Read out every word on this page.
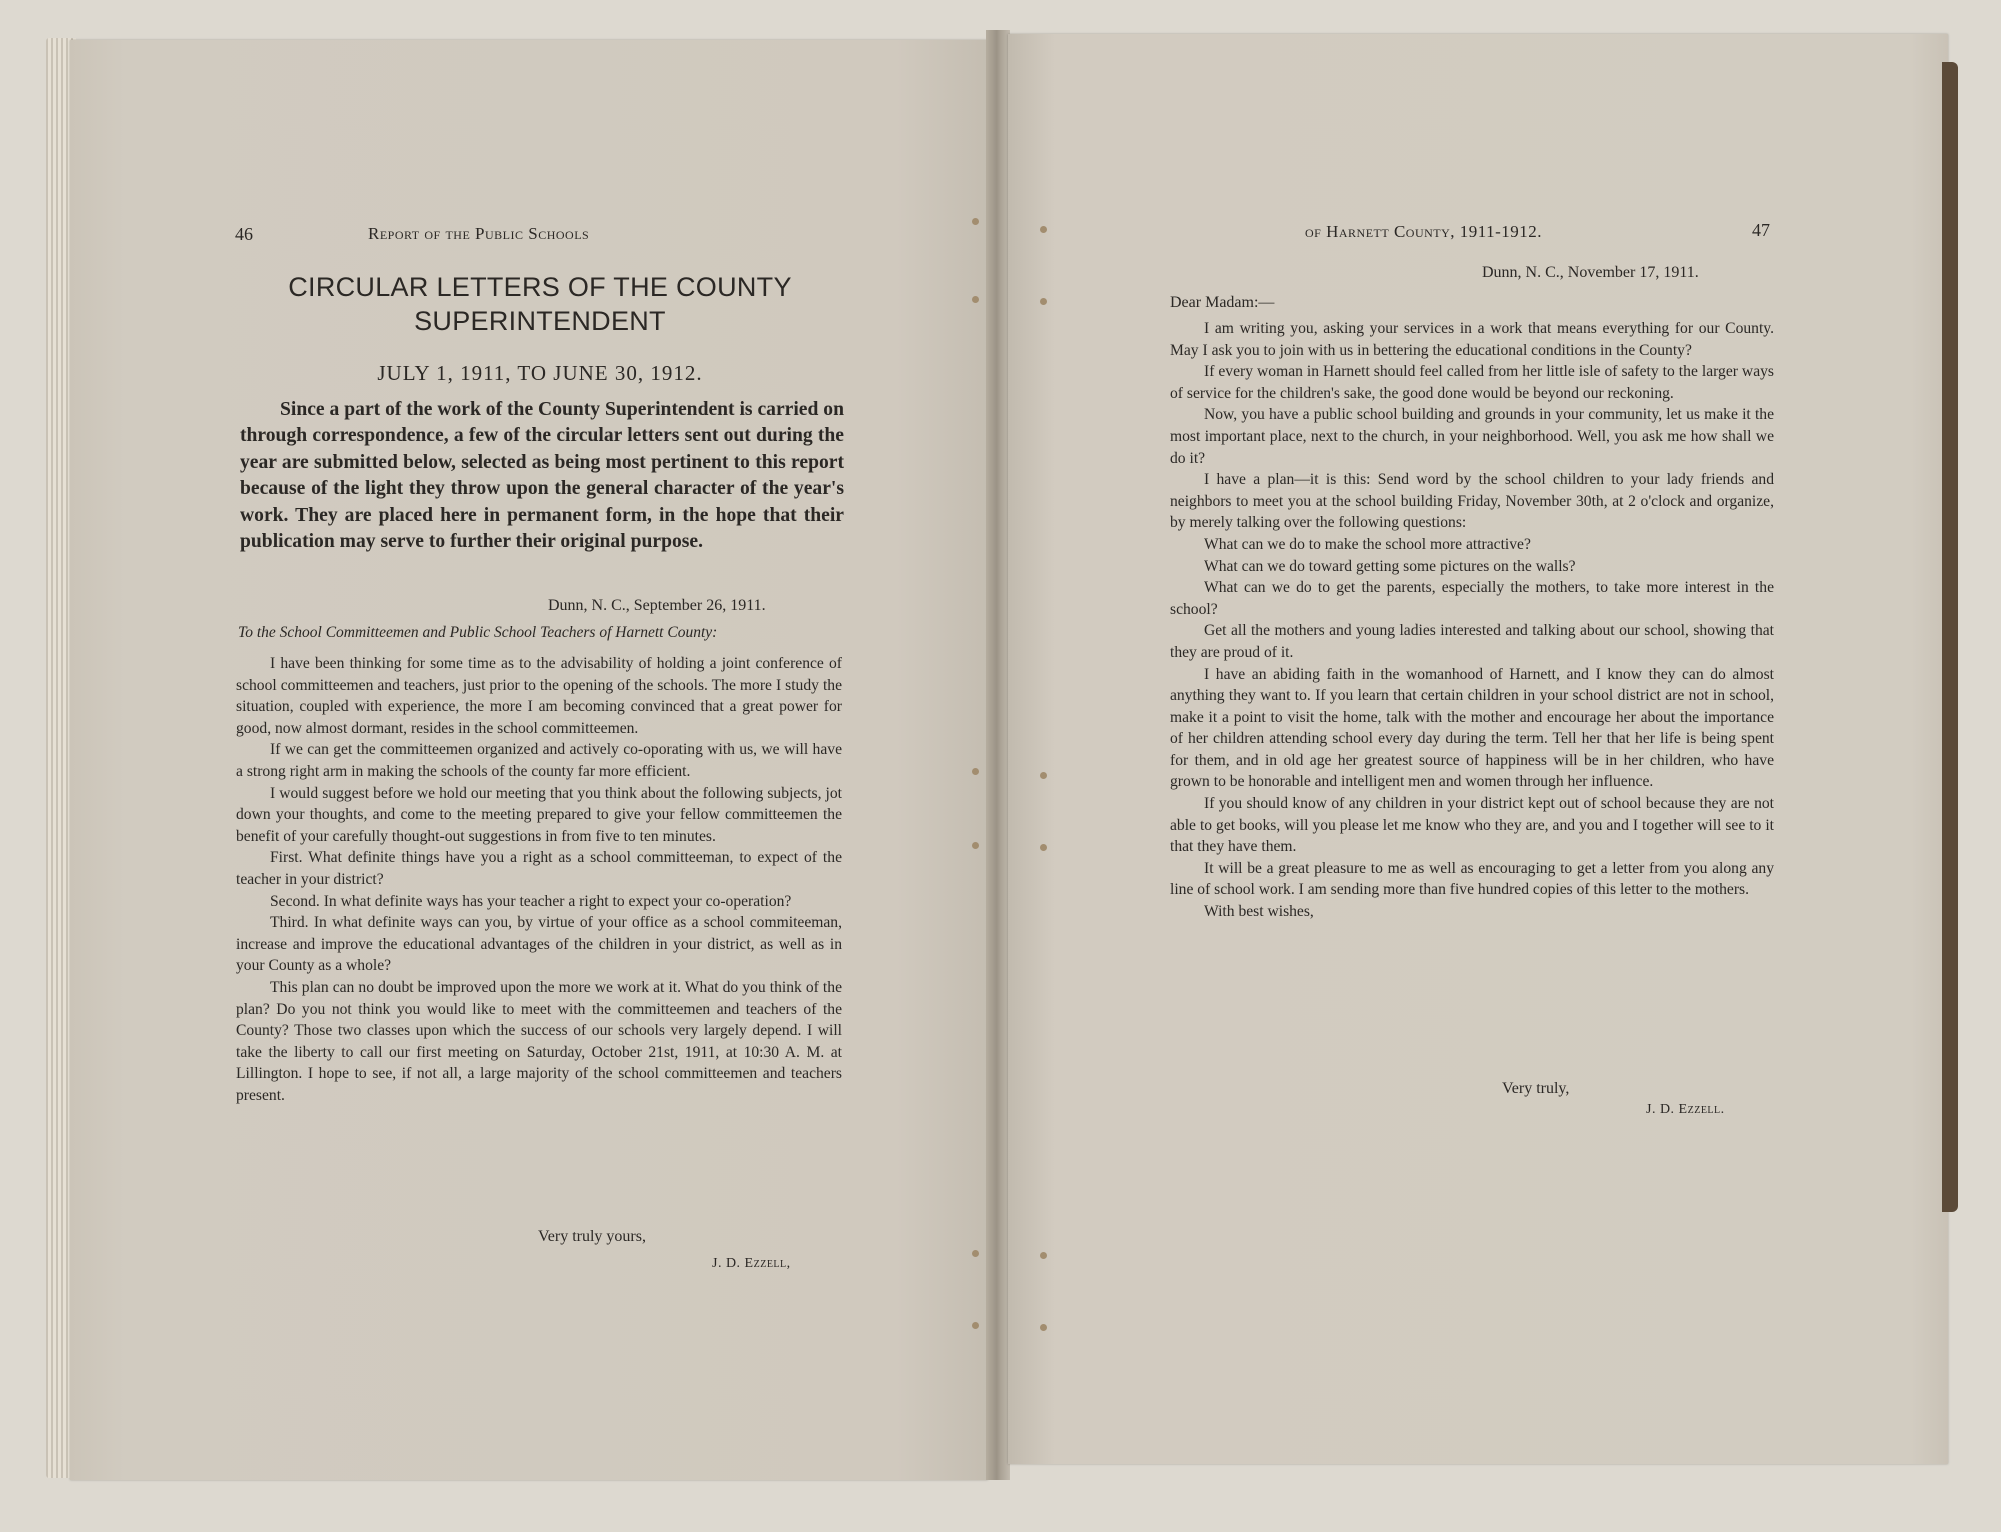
46	Report of the Public Schools
CIRCULAR LETTERS OF THE COUNTY
SUPERINTENDENT
JULY 1, 1911, TO JUNE 30, 1912.
Since a part of the work of the County Superintendent is carried on through correspondence, a few of the circular letters sent out during the year are submitted below, selected as being most pertinent to this report because of the light they throw upon the general character of the year's work. They are placed here in permanent form, in the hope that their publication may serve to further their original purpose.
Dunn, N. C., September 26, 1911.
To the School Committeemen and Public School Teachers of Harnett County:

I have been thinking for some time as to the advisability of holding a joint conference of school committeemen and teachers, just prior to the opening of the schools. The more I study the situation, coupled with experience, the more I am becoming convinced that a great power for good, now almost dormant, resides in the school committeemen.

If we can get the committeemen organized and actively co-oporating with us, we will have a strong right arm in making the schools of the county far more efficient.

I would suggest before we hold our meeting that you think about the following subjects, jot down your thoughts, and come to the meeting prepared to give your fellow committeemen the benefit of your carefully thought-out suggestions in from five to ten minutes.

First. What definite things have you a right as a school committeeman, to expect of the teacher in your district?

Second. In what definite ways has your teacher a right to expect your co-operation?

Third. In what definite ways can you, by virtue of your office as a school commiteeman, increase and improve the educational advantages of the children in your district, as well as in your County as a whole?

This plan can no doubt be improved upon the more we work at it. What do you think of the plan? Do you not think you would like to meet with the committeemen and teachers of the County? Those two classes upon which the success of our schools very largely depend. I will take the liberty to call our first meeting on Saturday, October 21st, 1911, at 10:30 A. M. at Lillington. I hope to see, if not all, a large majority of the school committeemen and teachers present.

Very truly yours,
J. D. Ezzell,
of Harnett County, 1911-1912.	47
Dunn, N. C., November 17, 1911.
Dear Madam:—

I am writing you, asking your services in a work that means everything for our County. May I ask you to join with us in bettering the educational conditions in the County?

If every woman in Harnett should feel called from her little isle of safety to the larger ways of service for the children's sake, the good done would be beyond our reckoning.

Now, you have a public school building and grounds in your community, let us make it the most important place, next to the church, in your neighborhood. Well, you ask me how shall we do it?

I have a plan—it is this: Send word by the school children to your lady friends and neighbors to meet you at the school building Friday, November 30th, at 2 o'clock and organize, by merely talking over the following questions:

What can we do to make the school more attractive?

What can we do toward getting some pictures on the walls?

What can we do to get the parents, especially the mothers, to take more interest in the school?

Get all the mothers and young ladies interested and talking about our school, showing that they are proud of it.

I have an abiding faith in the womanhood of Harnett, and I know they can do almost anything they want to. If you learn that certain children in your school district are not in school, make it a point to visit the home, talk with the mother and encourage her about the importance of her children attending school every day during the term. Tell her that her life is being spent for them, and in old age her greatest source of happiness will be in her children, who have grown to be honorable and intelligent men and women through her influence.

If you should know of any children in your district kept out of school because they are not able to get books, will you please let me know who they are, and you and I together will see to it that they have them.

It will be a great pleasure to me as well as encouraging to get a letter from you along any line of school work. I am sending more than five hundred copies of this letter to the mothers.

With best wishes,

Very truly,
J. D. Ezzell.
